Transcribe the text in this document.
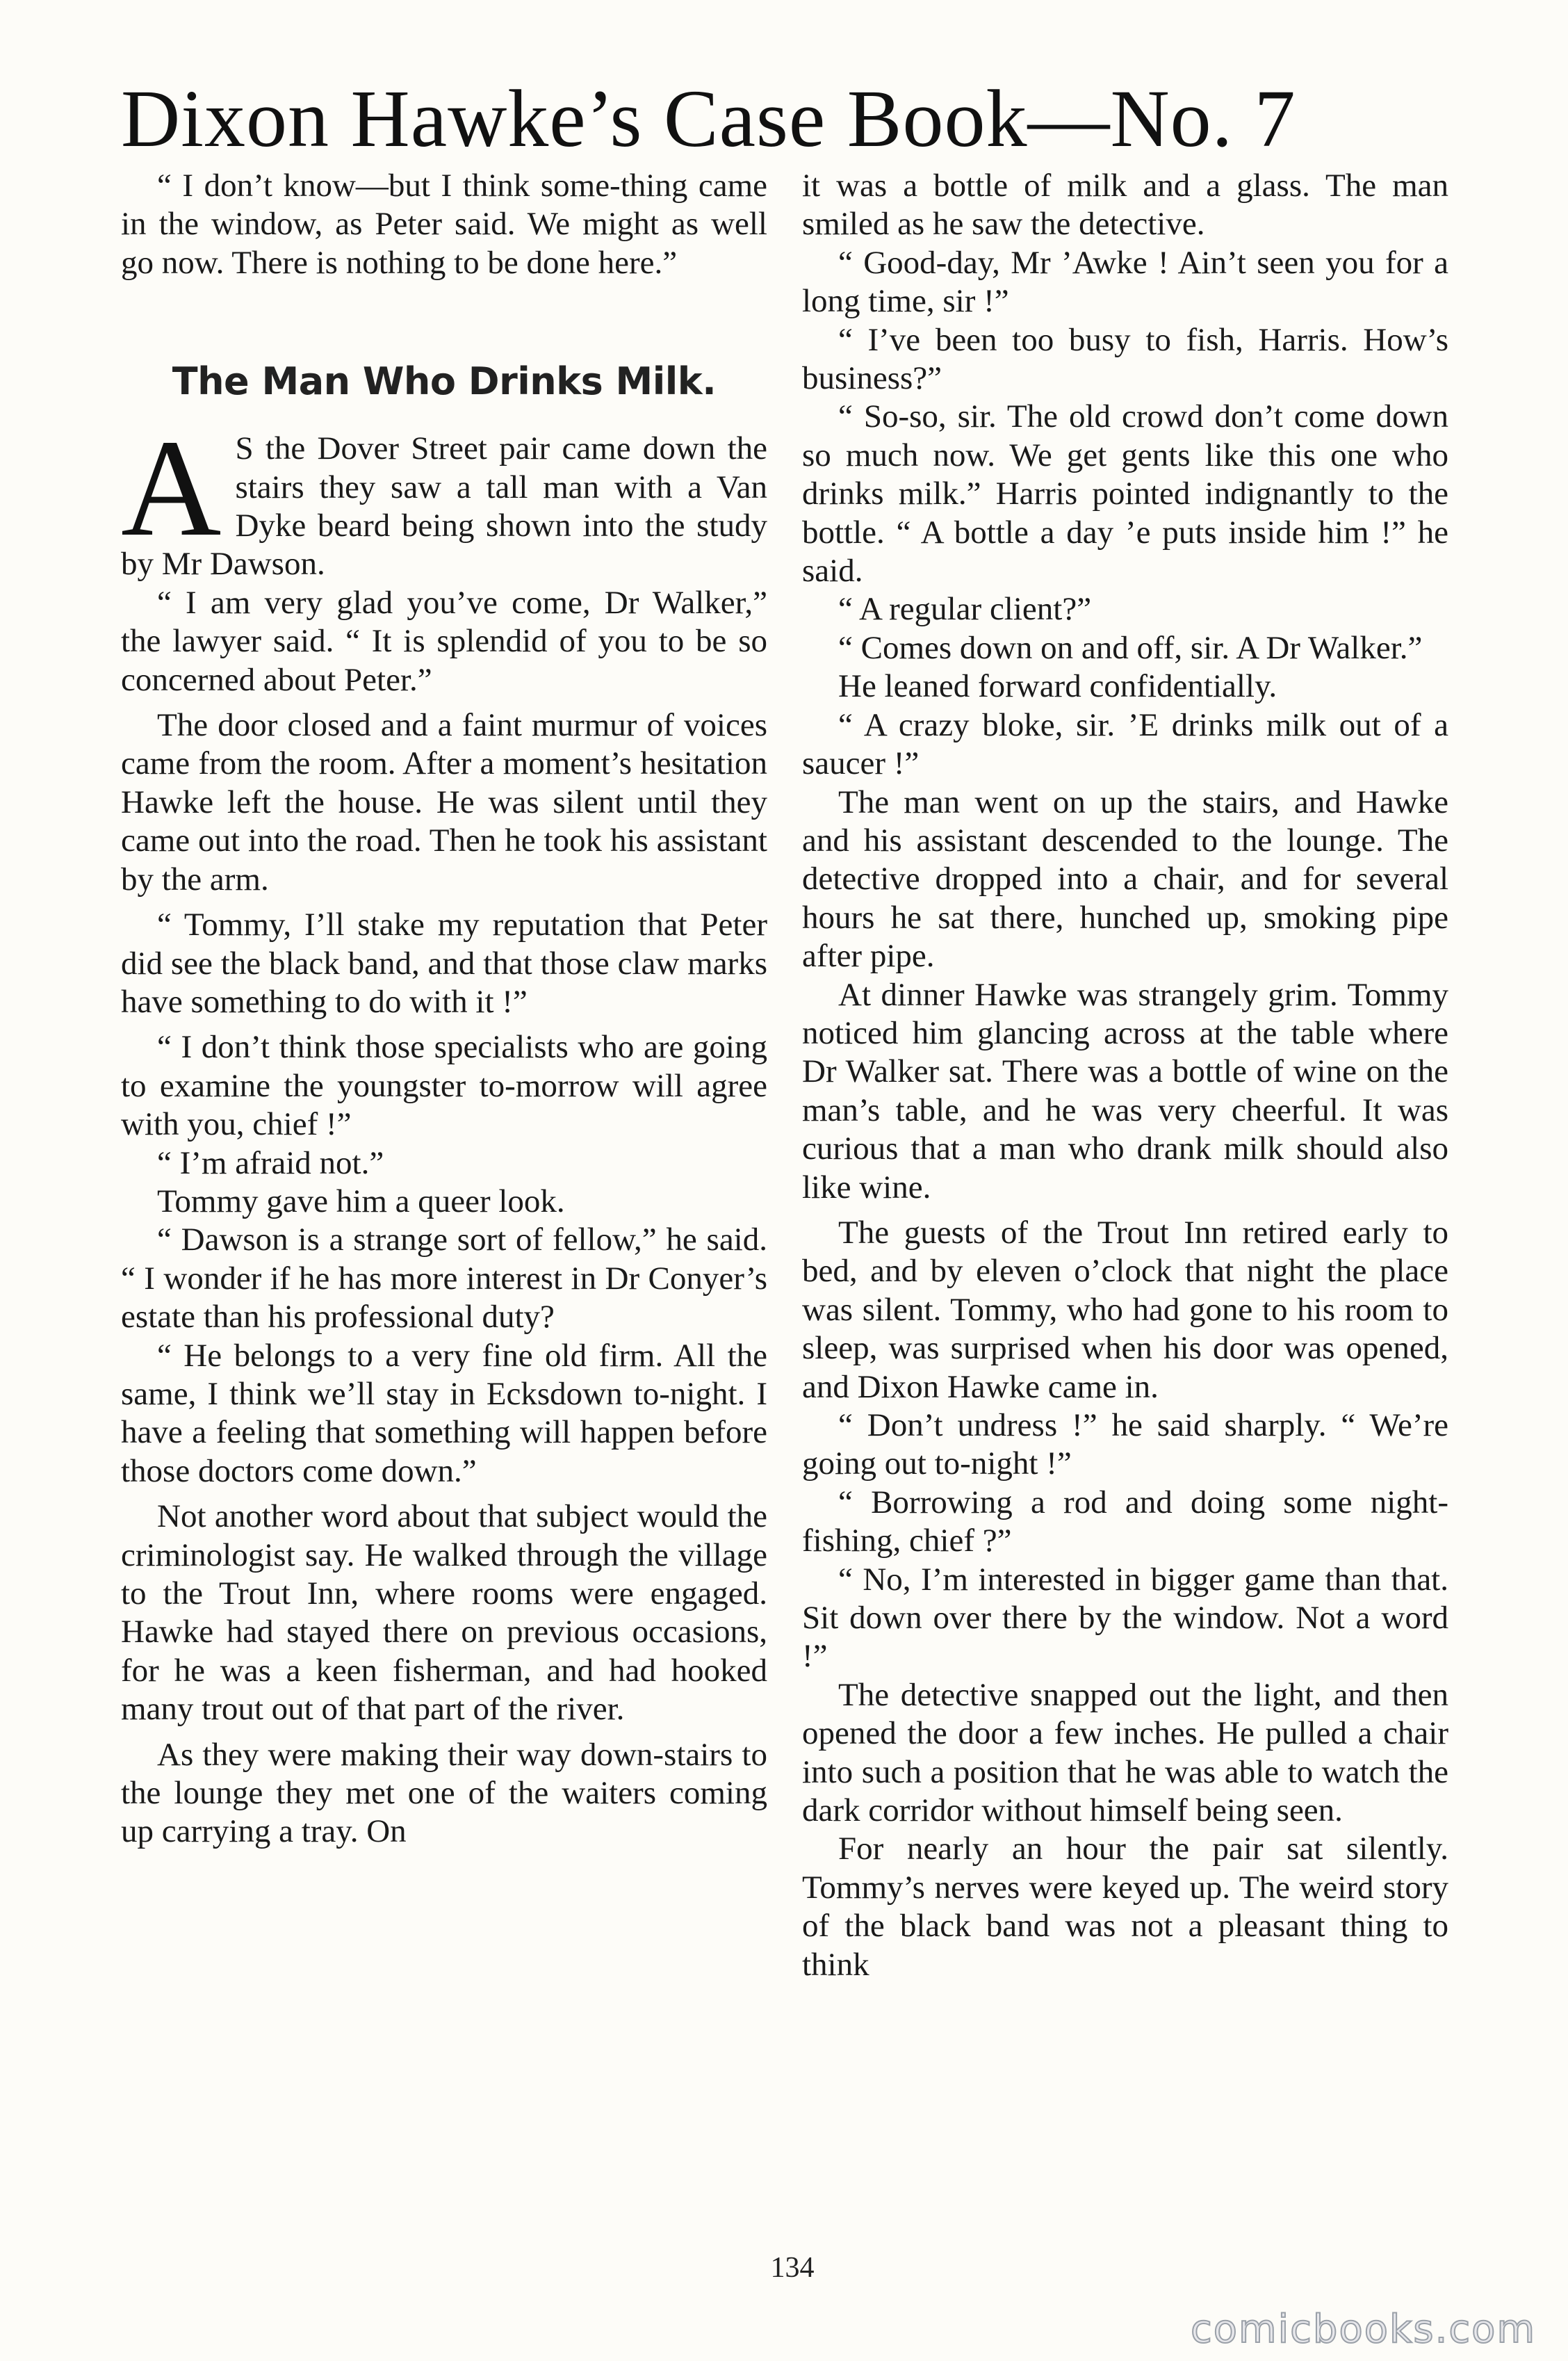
Dixon Hawke’s Case Book—No. 7

“ I don’t know—but I think some-thing came in the window, as Peter said. We might as well go now. There is nothing to be done here.”

The Man Who Drinks Milk.

A S the Dover Street pair came down the stairs they saw a tall man with a Van Dyke beard being shown into the study by Mr Dawson.

“ I am very glad you’ve come, Dr Walker,” the lawyer said. “ It is splendid of you to be so concerned about Peter.”

The door closed and a faint murmur of voices came from the room. After a moment’s hesitation Hawke left the house. He was silent until they came out into the road. Then he took his assistant by the arm.

“ Tommy, I’ll stake my reputation that Peter did see the black band, and that those claw marks have something to do with it !”

“ I don’t think those specialists who are going to examine the youngster to-morrow will agree with you, chief !”

“ I’m afraid not.”

Tommy gave him a queer look.

“ Dawson is a strange sort of fellow,” he said. “ I wonder if he has more interest in Dr Conyer’s estate than his professional duty?

“ He belongs to a very fine old firm. All the same, I think we’ll stay in Ecksdown to-night. I have a feeling that something will happen before those doctors come down.”

Not another word about that subject would the criminologist say. He walked through the village to the Trout Inn, where rooms were engaged. Hawke had stayed there on previous occasions, for he was a keen fisherman, and had hooked many trout out of that part of the river.

As they were making their way down-stairs to the lounge they met one of the waiters coming up carrying a tray. On

it was a bottle of milk and a glass. The man smiled as he saw the detective.

“ Good-day, Mr ’Awke ! Ain’t seen you for a long time, sir !”

“ I’ve been too busy to fish, Harris. How’s business?”

“ So-so, sir. The old crowd don’t come down so much now. We get gents like this one who drinks milk.” Harris pointed indignantly to the bottle. “ A bottle a day ’e puts inside him !” he said.

“ A regular client?”

“ Comes down on and off, sir. A Dr Walker.”

He leaned forward confidentially.

“ A crazy bloke, sir. ’E drinks milk out of a saucer !”

The man went on up the stairs, and Hawke and his assistant descended to the lounge. The detective dropped into a chair, and for several hours he sat there, hunched up, smoking pipe after pipe.

At dinner Hawke was strangely grim. Tommy noticed him glancing across at the table where Dr Walker sat. There was a bottle of wine on the man’s table, and he was very cheerful. It was curious that a man who drank milk should also like wine.

The guests of the Trout Inn retired early to bed, and by eleven o’clock that night the place was silent. Tommy, who had gone to his room to sleep, was surprised when his door was opened, and Dixon Hawke came in.

“ Don’t undress !” he said sharply. “ We’re going out to-night !”

“ Borrowing a rod and doing some night-fishing, chief ?”

“ No, I’m interested in bigger game than that. Sit down over there by the window. Not a word !”

The detective snapped out the light, and then opened the door a few inches. He pulled a chair into such a position that he was able to watch the dark corridor without himself being seen.

For nearly an hour the pair sat silently. Tommy’s nerves were keyed up. The weird story of the black band was not a pleasant thing to think

134
comicbooks.com
